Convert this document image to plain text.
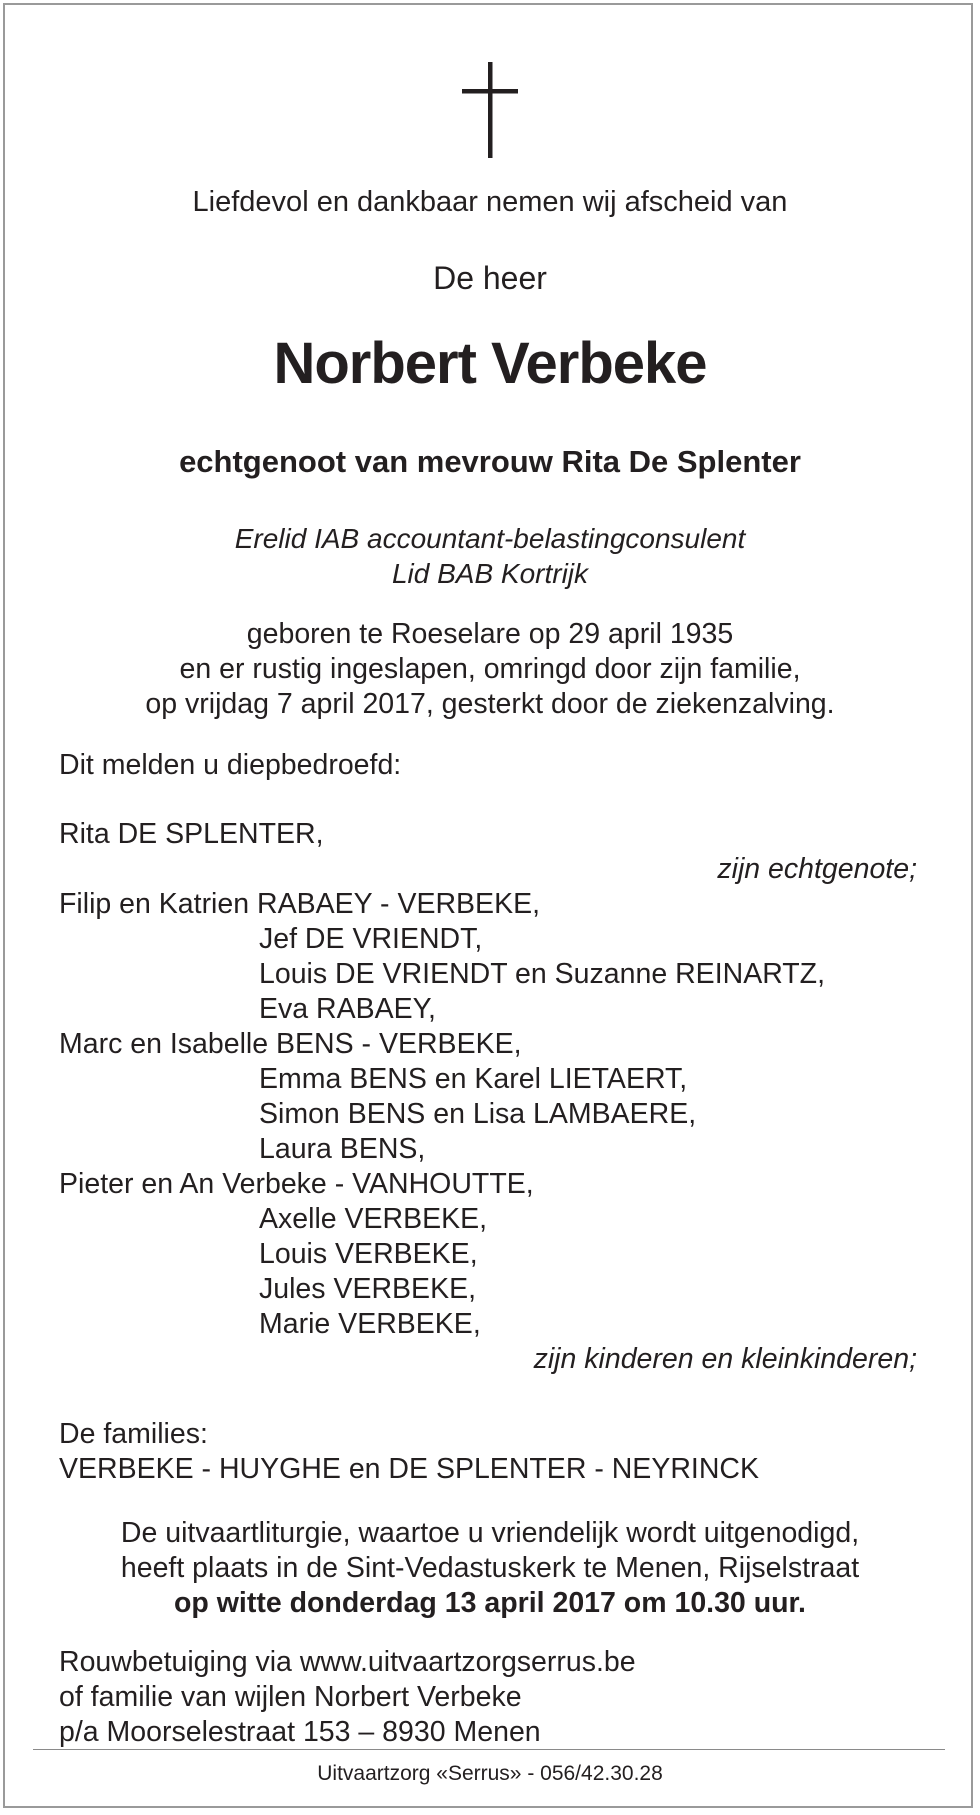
Liefdevol en dankbaar nemen wij afscheid van
De heer
Norbert Verbeke
echtgenoot van mevrouw Rita De Splenter
Erelid IAB accountant-belastingconsulent
Lid BAB Kortrijk
geboren te Roeselare op 29 april 1935
en er rustig ingeslapen, omringd door zijn familie,
op vrijdag 7 april 2017, gesterkt door de ziekenzalving.
Dit melden u diepbedroefd:
Rita DE SPLENTER,
zijn echtgenote;
Filip en Katrien RABAEY - VERBEKE,
Jef DE VRIENDT,
Louis DE VRIENDT en Suzanne REINARTZ,
Eva RABAEY,
Marc en Isabelle BENS - VERBEKE,
Emma BENS en Karel LIETAERT,
Simon BENS en Lisa LAMBAERE,
Laura BENS,
Pieter en An Verbeke - VANHOUTTE,
Axelle VERBEKE,
Louis VERBEKE,
Jules VERBEKE,
Marie VERBEKE,
zijn kinderen en kleinkinderen;
De families:
VERBEKE - HUYGHE en DE SPLENTER - NEYRINCK
De uitvaartliturgie, waartoe u vriendelijk wordt uitgenodigd,
heeft plaats in de Sint-Vedastuskerk te Menen, Rijselstraat
op witte donderdag 13 april 2017 om 10.30 uur.
Rouwbetuiging via www.uitvaartzorgserrus.be
of familie van wijlen Norbert Verbeke
p/a Moorselestraat 153 – 8930 Menen
Uitvaartzorg «Serrus» - 056/42.30.28
